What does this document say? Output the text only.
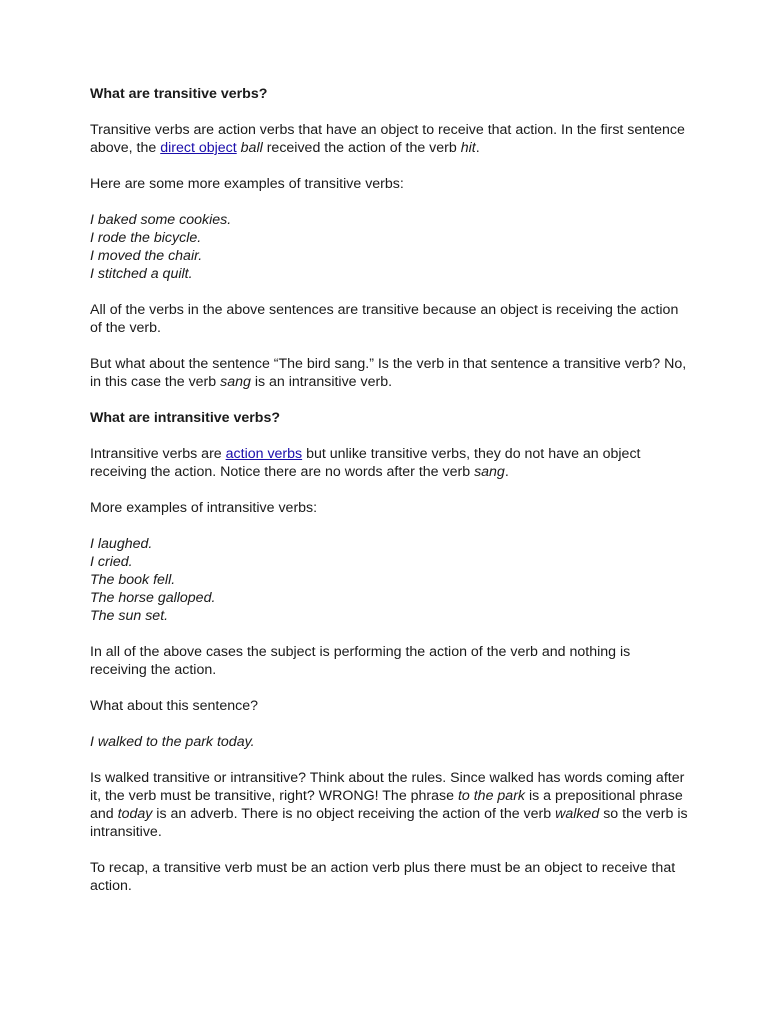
What are transitive verbs?

Transitive verbs are action verbs that have an object to receive that action. In the first sentence above, the direct object ball received the action of the verb hit.

Here are some more examples of transitive verbs:

I baked some cookies.
I rode the bicycle.
I moved the chair.
I stitched a quilt.

All of the verbs in the above sentences are transitive because an object is receiving the action of the verb.

But what about the sentence “The bird sang.” Is the verb in that sentence a transitive verb? No, in this case the verb sang is an intransitive verb.

What are intransitive verbs?

Intransitive verbs are action verbs but unlike transitive verbs, they do not have an object receiving the action. Notice there are no words after the verb sang.

More examples of intransitive verbs:

I laughed.
I cried.
The book fell.
The horse galloped.
The sun set.

In all of the above cases the subject is performing the action of the verb and nothing is receiving the action.

What about this sentence?

I walked to the park today.

Is walked transitive or intransitive? Think about the rules. Since walked has words coming after it, the verb must be transitive, right? WRONG! The phrase to the park is a prepositional phrase and today is an adverb. There is no object receiving the action of the verb walked so the verb is intransitive.

To recap, a transitive verb must be an action verb plus there must be an object to receive that action.
